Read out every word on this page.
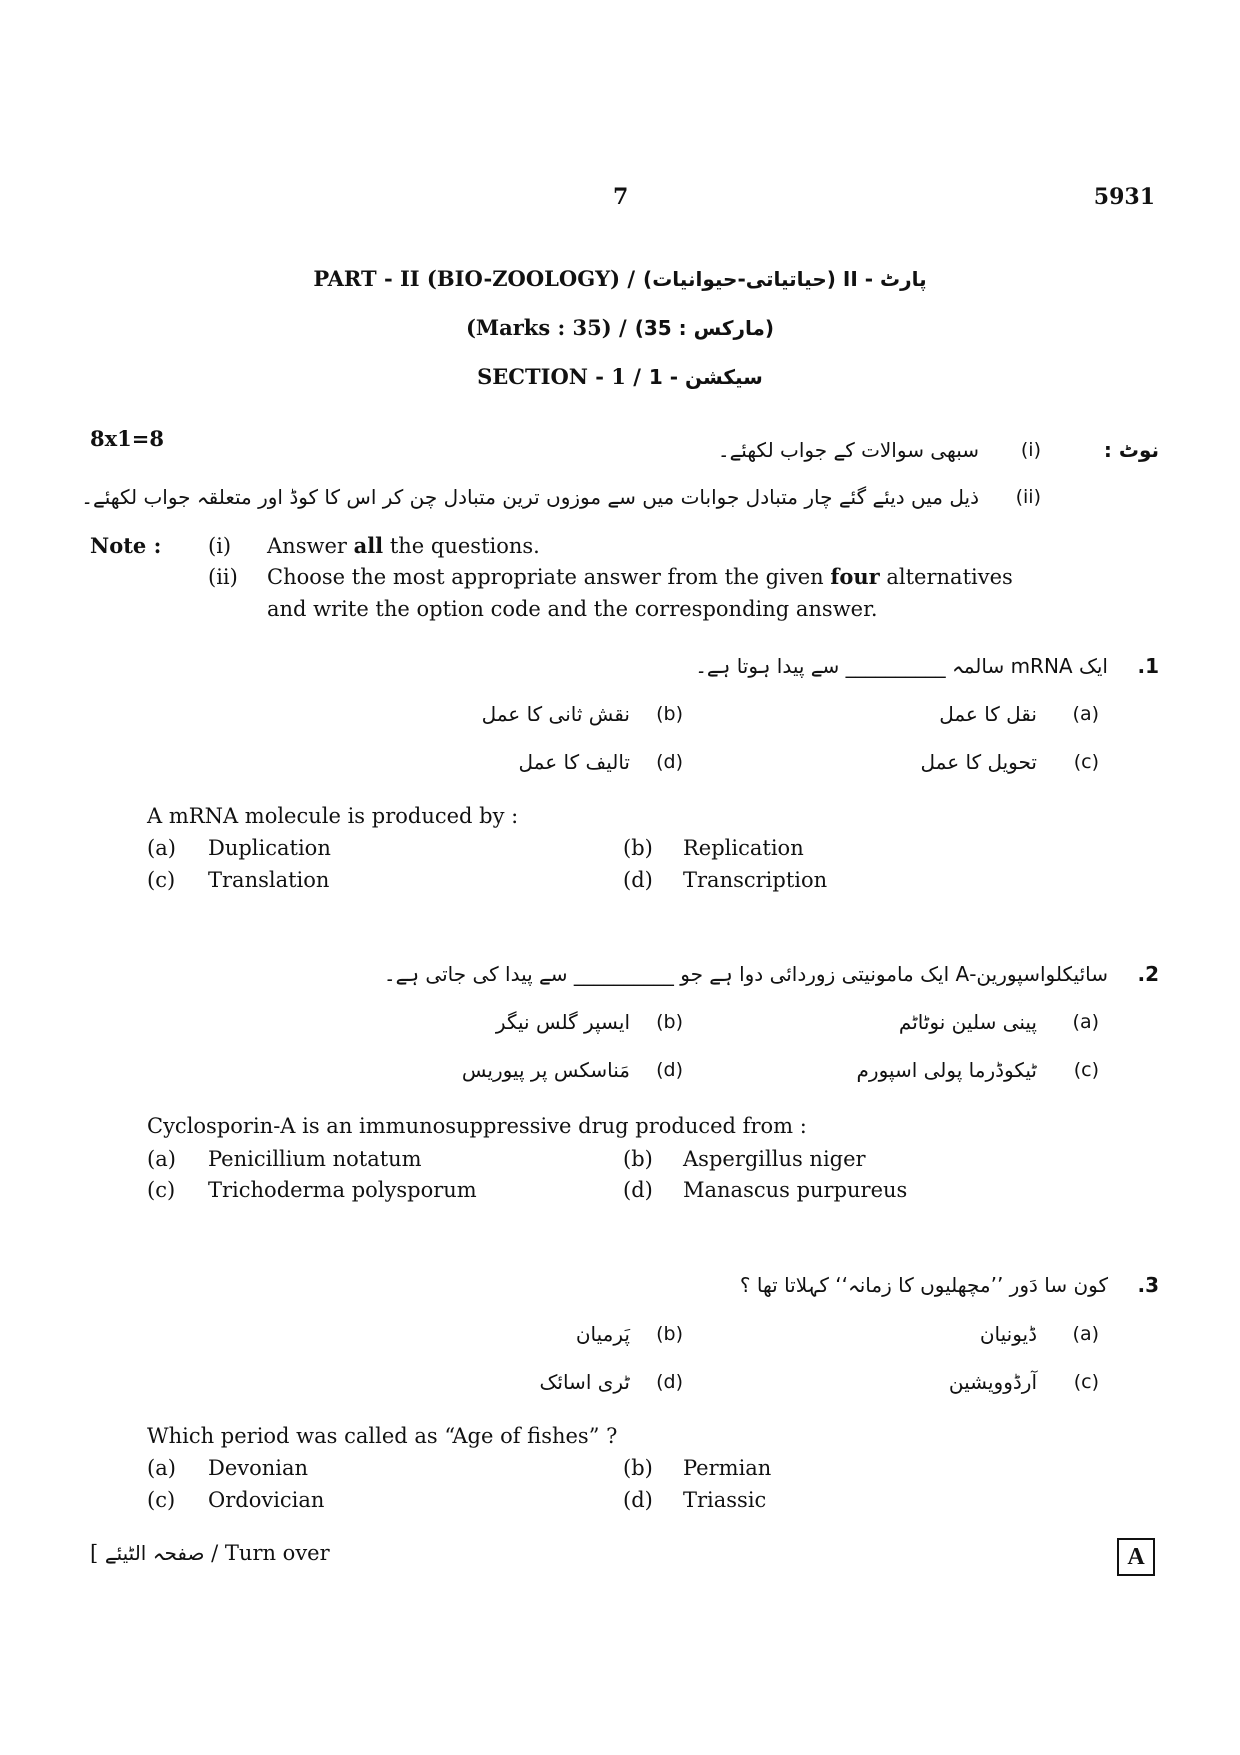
7	5931
PART - II (BIO-ZOOLOGY) / پارٹ - II (حیاتیاتی-حیوانیات)
(Marks : 35) / (مارکس : 35)
SECTION - 1 / سیکشن - 1
8x1=8	نوٹ :
(i)
سبھی سوالات کے جواب لکھئے۔
(ii)
ذیل میں دیئے گئے چار متبادل جوابات میں سے موزوں ترین متبادل چن کر اس کا کوڈ اور متعلقہ جواب لکھئے۔
Note : (i) Answer all the questions.
(ii) Choose the most appropriate answer from the given four alternatives
and write the option code and the corresponding answer.
1.
ایک mRNA سالمہ __________ سے پیدا ہوتا ہے۔
(a)
نقل کا عمل
(b)
نقش ثانی کا عمل
(c)
تحویل کا عمل
(d)
تالیف کا عمل
A mRNA molecule is produced by :
(a) Duplication	(b) Replication
(c) Translation	(d) Transcription
2.
سائیکلواسپورین-A ایک مامونیتی زوردائی دوا ہے جو __________ سے پیدا کی جاتی ہے۔
(a)
پینی سلین نوٹاٹم
(b)
ایسپر گلس نیگر
(c)
ٹیکوڈرما پولی اسپورم
(d)
مَناسکس پر پیوریس
Cyclosporin-A is an immunosuppressive drug produced from :
(a) Penicillium notatum	(b) Aspergillus niger
(c) Trichoderma polysporum	(d) Manascus purpureus
3.
کون سا دَور ’’مچھلیوں کا زمانہ‘‘ کہلاتا تھا ؟
(a)
ڈیونیان
(b)
پَرمیان
(c)
آرڈوویشین
(d)
ٹری اسائک
Which period was called as “Age of fishes” ?
(a) Devonian	(b) Permian
(c) Ordovician	(d) Triassic
[ صفحہ الٹیئے / Turn over	A
